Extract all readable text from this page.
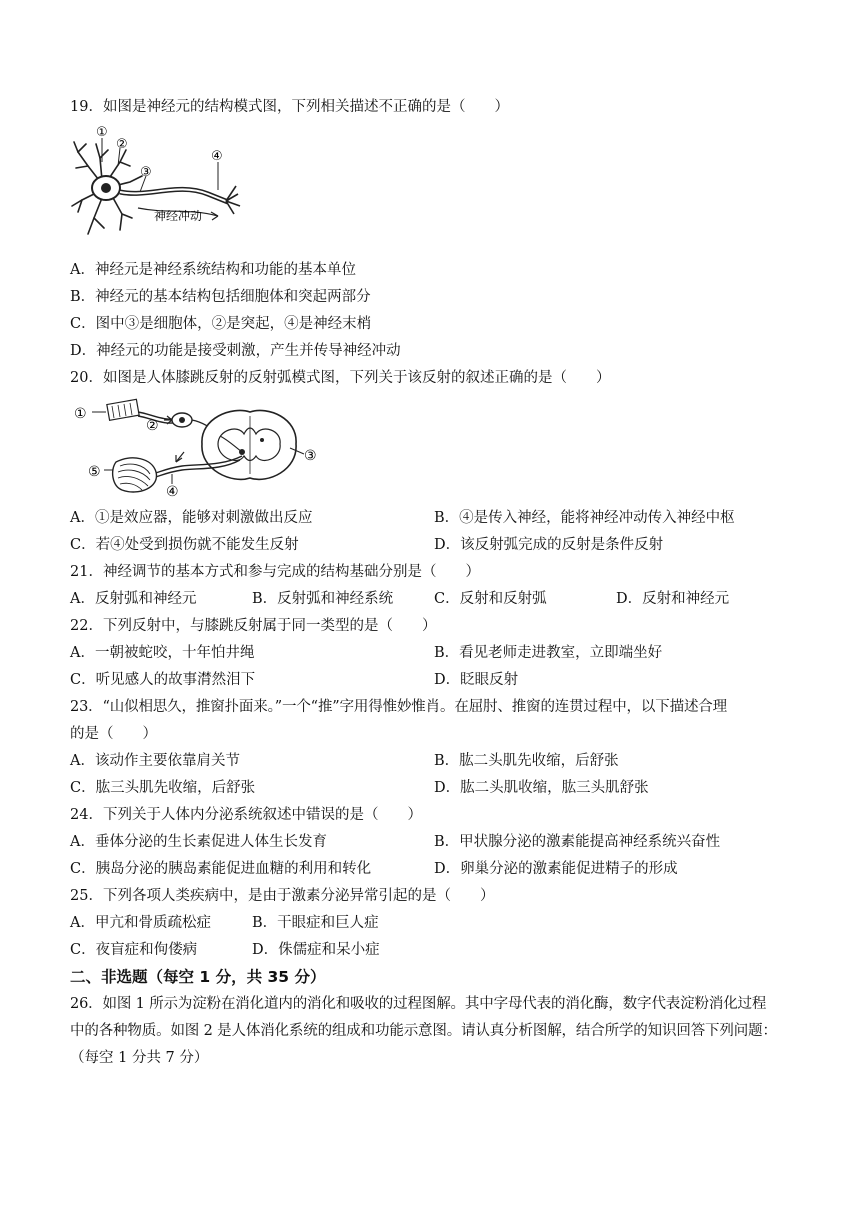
19．如图是神经元的结构模式图，下列相关描述不正确的是（　　）
①
②
③
④
神经冲动
A．神经元是神经系统结构和功能的基本单位
B．神经元的基本结构包括细胞体和突起两部分
C．图中③是细胞体，②是突起，④是神经末梢
D．神经元的功能是接受刺激，产生并传导神经冲动
20．如图是人体膝跳反射的反射弧模式图，下列关于该反射的叙述正确的是（　　）
①
②
③
④
⑤
A．①是效应器，能够对刺激做出反应	B．④是传入神经，能将神经冲动传入神经中枢
C．若④处受到损伤就不能发生反射	D．该反射弧完成的反射是条件反射
21．神经调节的基本方式和参与完成的结构基础分别是（　　）
A．反射弧和神经元	B．反射弧和神经系统	C．反射和反射弧	D．反射和神经元
22．下列反射中，与膝跳反射属于同一类型的是（　　）
A．一朝被蛇咬，十年怕井绳	B．看见老师走进教室，立即端坐好
C．听见感人的故事潸然泪下	D．眨眼反射
23．“山似相思久，推窗扑面来。”一个“推”字用得惟妙惟肖。在屈肘、推窗的连贯过程中，以下描述合理
的是（　　）
A．该动作主要依靠肩关节	B．肱二头肌先收缩，后舒张
C．肱三头肌先收缩，后舒张	D．肱二头肌收缩，肱三头肌舒张
24．下列关于人体内分泌系统叙述中错误的是（　　）
A．垂体分泌的生长素促进人体生长发育	B．甲状腺分泌的激素能提高神经系统兴奋性
C．胰岛分泌的胰岛素能促进血糖的利用和转化	D．卵巢分泌的激素能促进精子的形成
25．下列各项人类疾病中，是由于激素分泌异常引起的是（　　）
A．甲亢和骨质疏松症	B．干眼症和巨人症
C．夜盲症和佝偻病	D．侏儒症和呆小症
二、非选题（每空 1 分，共 35 分）
26．如图 1 所示为淀粉在消化道内的消化和吸收的过程图解。其中字母代表的消化酶，数字代表淀粉消化过程
中的各种物质。如图 2 是人体消化系统的组成和功能示意图。请认真分析图解，结合所学的知识回答下列问题：
（每空 1 分共 7 分）
